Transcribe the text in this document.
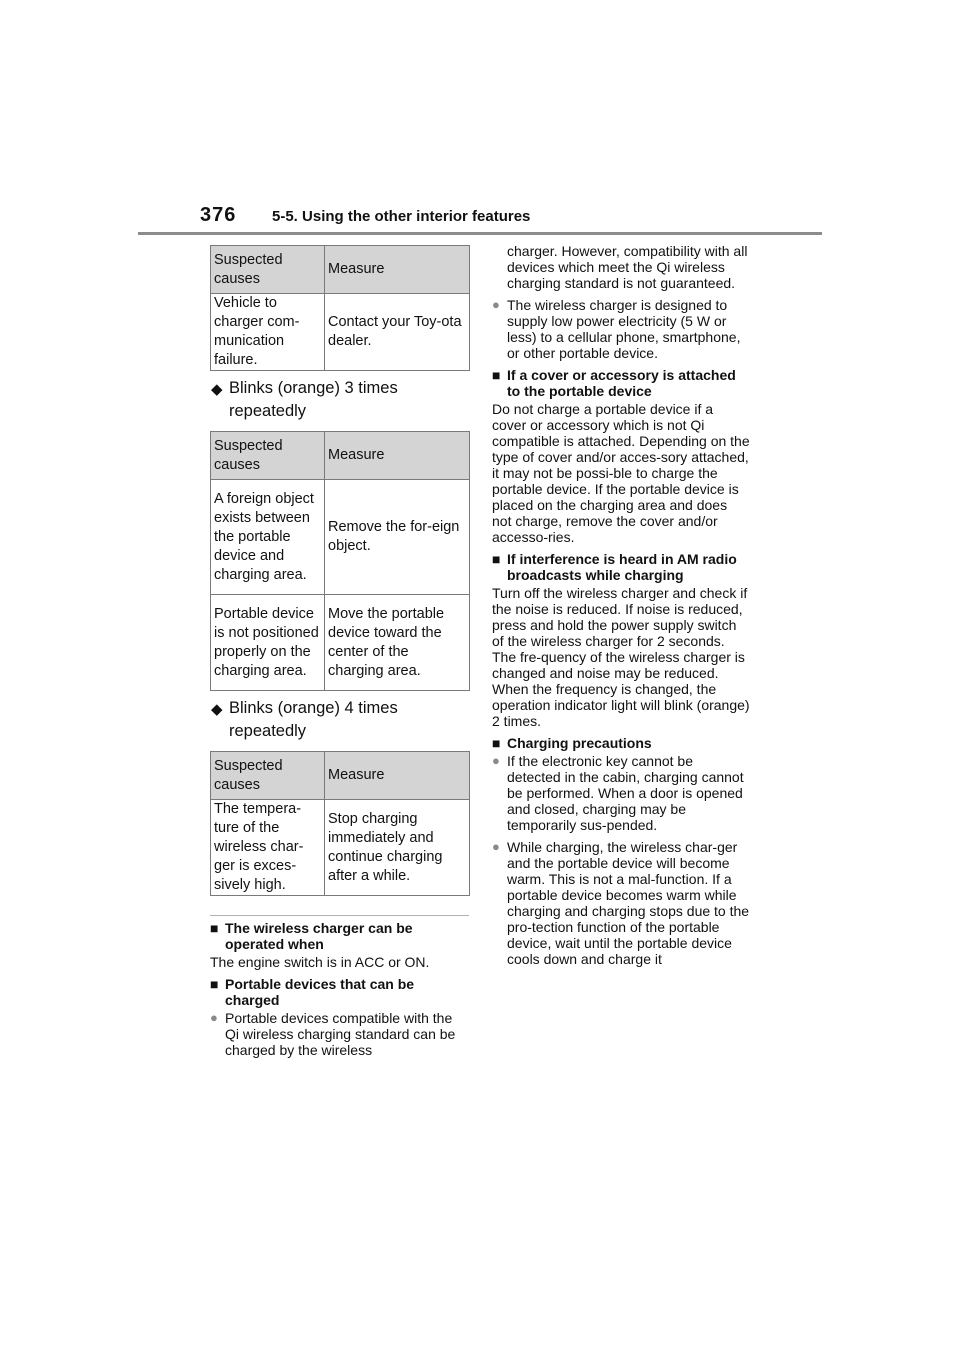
376 5-5. Using the other interior features
Suspected causes	Measure
Vehicle to charger com-munication failure.	Contact your Toy-ota dealer.
◆ Blinks (orange) 3 times repeatedly
Suspected causes	Measure
A foreign object exists between the portable device and charging area.	Remove the for-eign object.
Portable device is not positioned properly on the charging area.	Move the portable device toward the center of the charging area.
◆ Blinks (orange) 4 times repeatedly
Suspected causes	Measure
The tempera-ture of the wireless char-ger is exces-sively high.	Stop charging immediately and continue charging after a while.
■ The wireless charger can be operated when
The engine switch is in ACC or ON.
■ Portable devices that can be charged
● Portable devices compatible with the Qi wireless charging standard can be charged by the wireless
charger. However, compatibility with all devices which meet the Qi wireless charging standard is not guaranteed.
● The wireless charger is designed to supply low power electricity (5 W or less) to a cellular phone, smartphone, or other portable device.
■ If a cover or accessory is attached to the portable device
Do not charge a portable device if a cover or accessory which is not Qi compatible is attached. Depending on the type of cover and/or acces-sory attached, it may not be possi-ble to charge the portable device. If the portable device is placed on the charging area and does not charge, remove the cover and/or accesso-ries.
■ If interference is heard in AM radio broadcasts while charging
Turn off the wireless charger and check if the noise is reduced. If noise is reduced, press and hold the power supply switch of the wireless charger for 2 seconds. The fre-quency of the wireless charger is changed and noise may be reduced. When the frequency is changed, the operation indicator light will blink (orange) 2 times.
■ Charging precautions
● If the electronic key cannot be detected in the cabin, charging cannot be performed. When a door is opened and closed, charging may be temporarily sus-pended.
● While charging, the wireless char-ger and the portable device will become warm. This is not a mal-function. If a portable device becomes warm while charging and charging stops due to the pro-tection function of the portable device, wait until the portable device cools down and charge it
